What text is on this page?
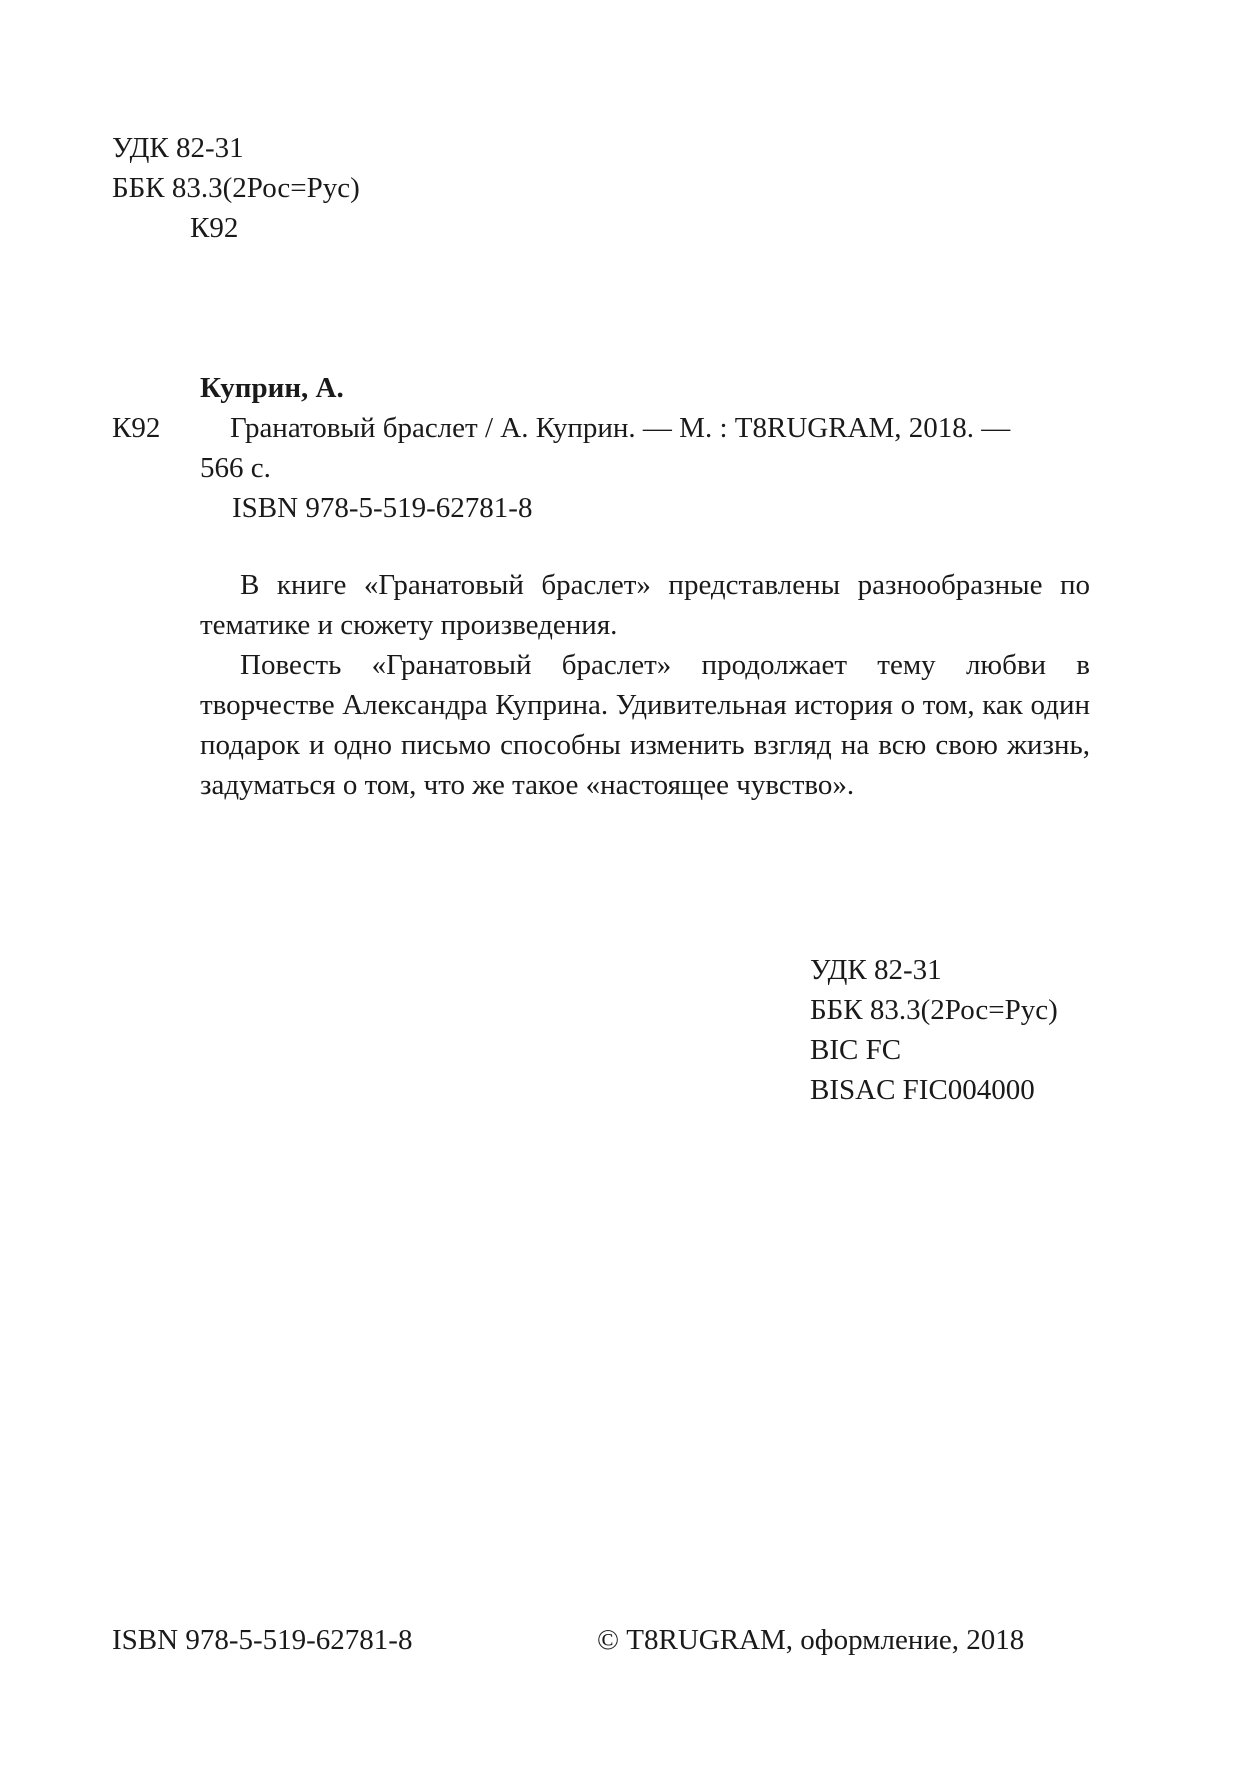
УДК 82-31
ББК 83.3(2Рос=Рус)
К92
Куприн, А.
К92 Гранатовый браслет / А. Куприн. — М. : Т8RUGRAM, 2018. —
566 с.
ISBN 978-5-519-62781-8

В книге «Гранатовый браслет» представлены разнообразные по тематике и сюжету произведения.

Повесть «Гранатовый браслет» продолжает тему любви в творчестве Александра Куприна. Удивительная история о том, как один подарок и одно письмо способны изменить взгляд на всю свою жизнь, задуматься о том, что же такое «настоящее чувство».

УДК 82-31
ББК 83.3(2Рос=Рус)
BIC FC
BISAC FIC004000
ISBN 978-5-519-62781-8	© Т8RUGRAM, оформление, 2018
